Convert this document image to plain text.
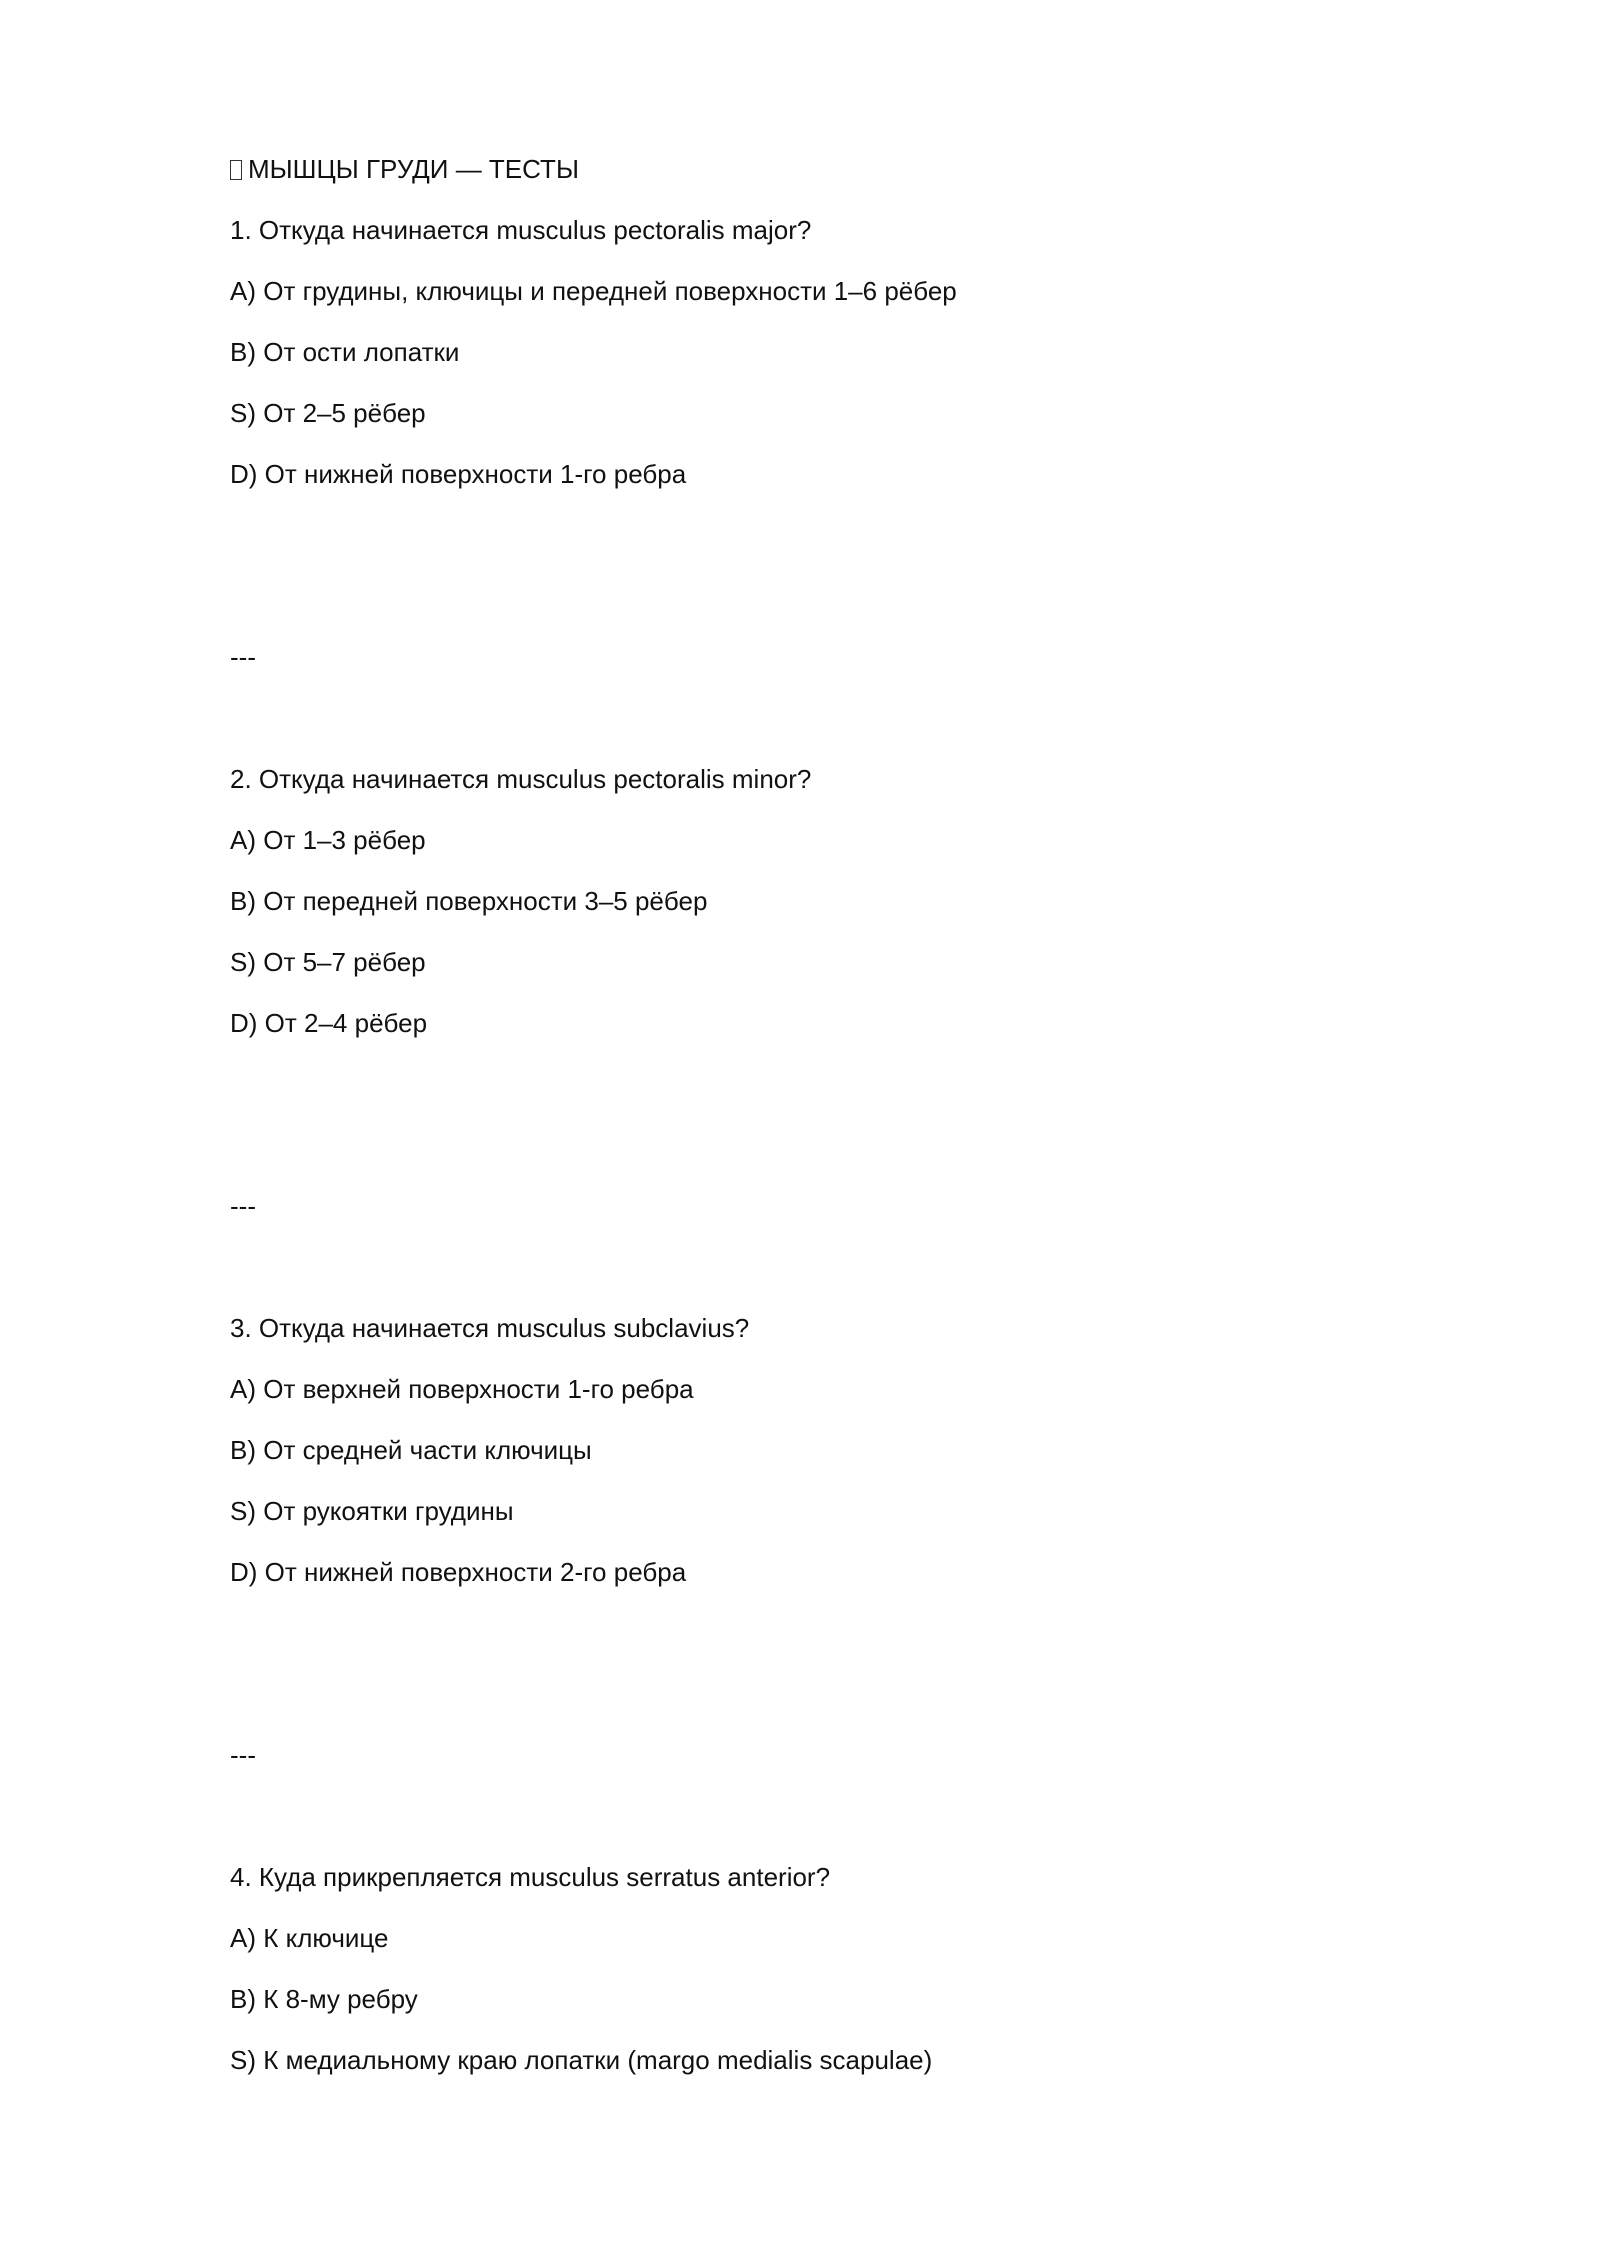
МЫШЦЫ ГРУДИ — ТЕСТЫ
1. Откуда начинается musculus pectoralis major?
A) От грудины, ключицы и передней поверхности 1–6 рёбер
B) От ости лопатки
S) От 2–5 рёбер
D) От нижней поверхности 1-го ребра
---
2. Откуда начинается musculus pectoralis minor?
A) От 1–3 рёбер
B) От передней поверхности 3–5 рёбер
S) От 5–7 рёбер
D) От 2–4 рёбер
---
3. Откуда начинается musculus subclavius?
A) От верхней поверхности 1-го ребра
B) От средней части ключицы
S) От рукоятки грудины
D) От нижней поверхности 2-го ребра
---
4. Куда прикрепляется musculus serratus anterior?
A) К ключице
B) К 8-му ребру
S) К медиальному краю лопатки (margo medialis scapulae)
